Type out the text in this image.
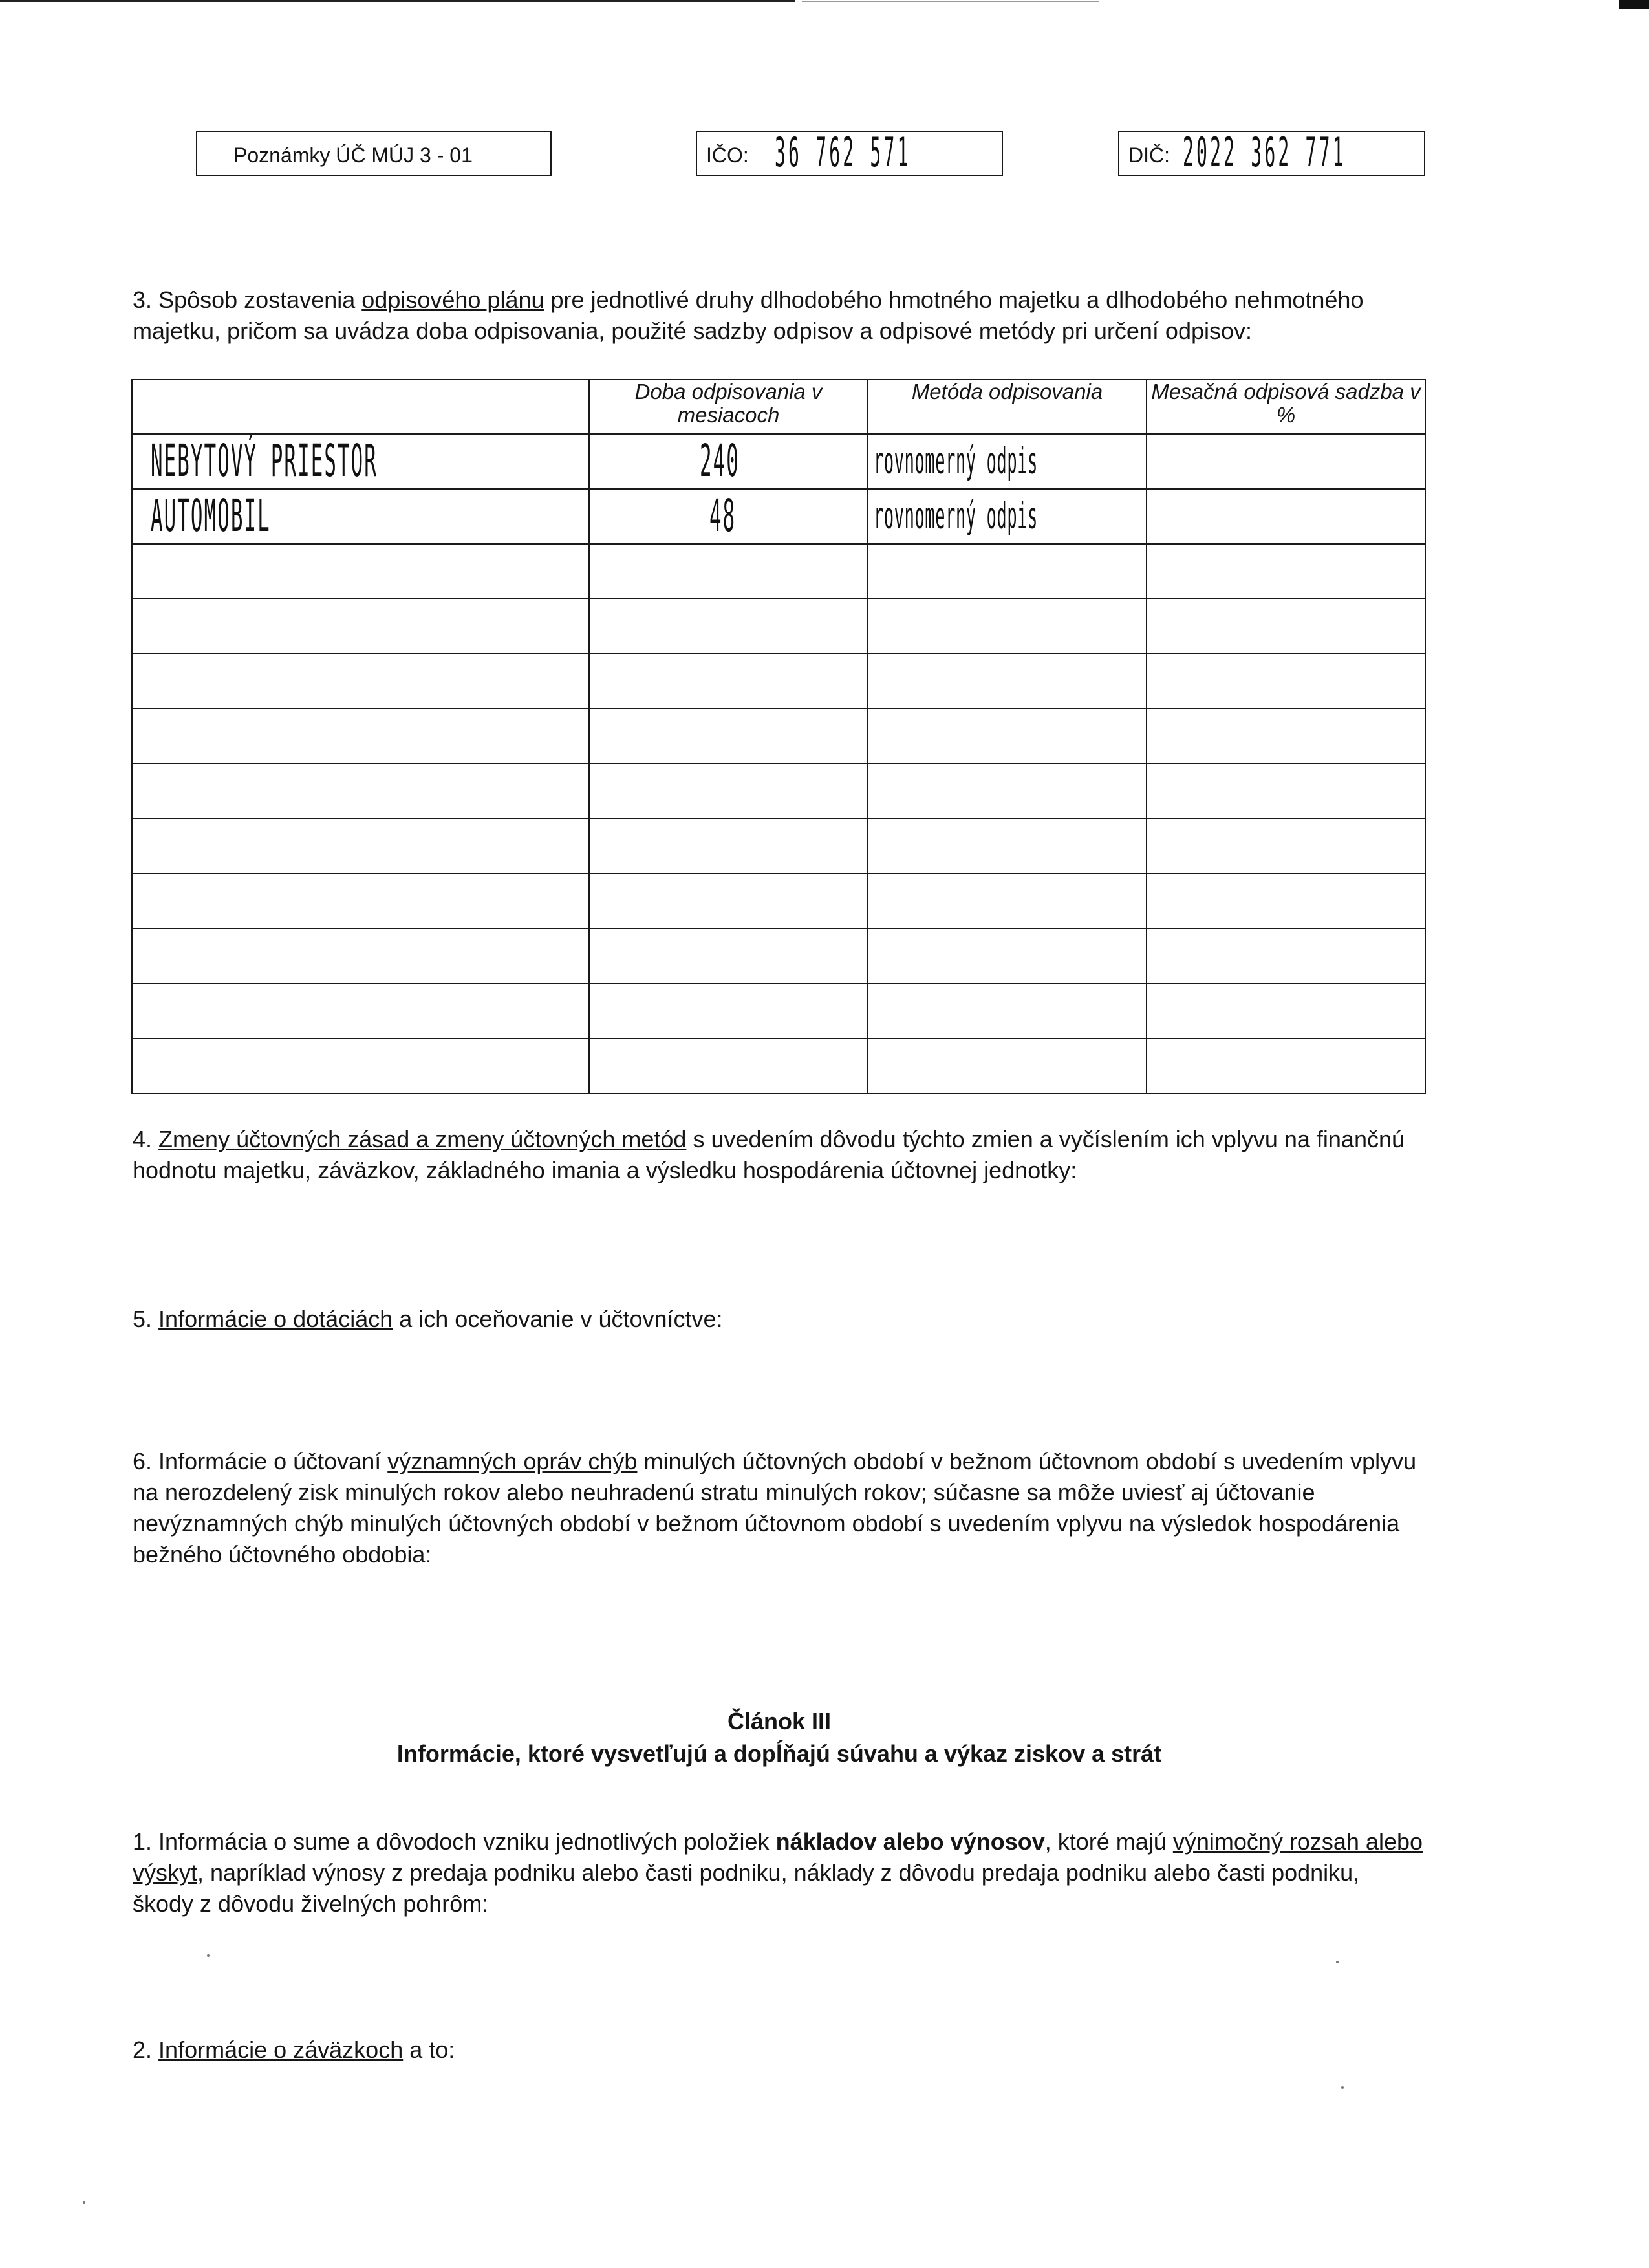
Poznámky ÚČ MÚJ 3 - 01	IČO: 36 762 571	DIČ: 2022 362 771

3. Spôsob zostavenia odpisového plánu pre jednotlivé druhy dlhodobého hmotného majetku a dlhodobého nehmotného majetku, pričom sa uvádza doba odpisovania, použité sadzby odpisov a odpisové metódy pri určení odpisov:

	Doba odpisovania v mesiacoch	Metóda odpisovania	Mesačná odpisová sadzba v %
NEBYTOVÝ PRIESTOR	240	rovnomerný odpis	
AUTOMOBIL	48	rovnomerný odpis	

4. Zmeny účtovných zásad a zmeny účtovných metód s uvedením dôvodu týchto zmien a vyčíslením ich vplyvu na finančnú hodnotu majetku, záväzkov, základného imania a výsledku hospodárenia účtovnej jednotky:

5. Informácie o dotáciách a ich oceňovanie v účtovníctve:

6. Informácie o účtovaní významných opráv chýb minulých účtovných období v bežnom účtovnom období s uvedením vplyvu na nerozdelený zisk minulých rokov alebo neuhradenú stratu minulých rokov; súčasne sa môže uviesť aj účtovanie nevýznamných chýb minulých účtovných období v bežnom účtovnom období s uvedením vplyvu na výsledok hospodárenia bežného účtovného obdobia:

Článok III

Informácie, ktoré vysvetľujú a dopĺňajú súvahu a výkaz ziskov a strát

1. Informácia o sume a dôvodoch vzniku jednotlivých položiek nákladov alebo výnosov, ktoré majú výnimočný rozsah alebo výskyt, napríklad výnosy z predaja podniku alebo časti podniku, náklady z dôvodu predaja podniku alebo časti podniku, škody z dôvodu živelných pohrôm:

2. Informácie o záväzkoch a to:
